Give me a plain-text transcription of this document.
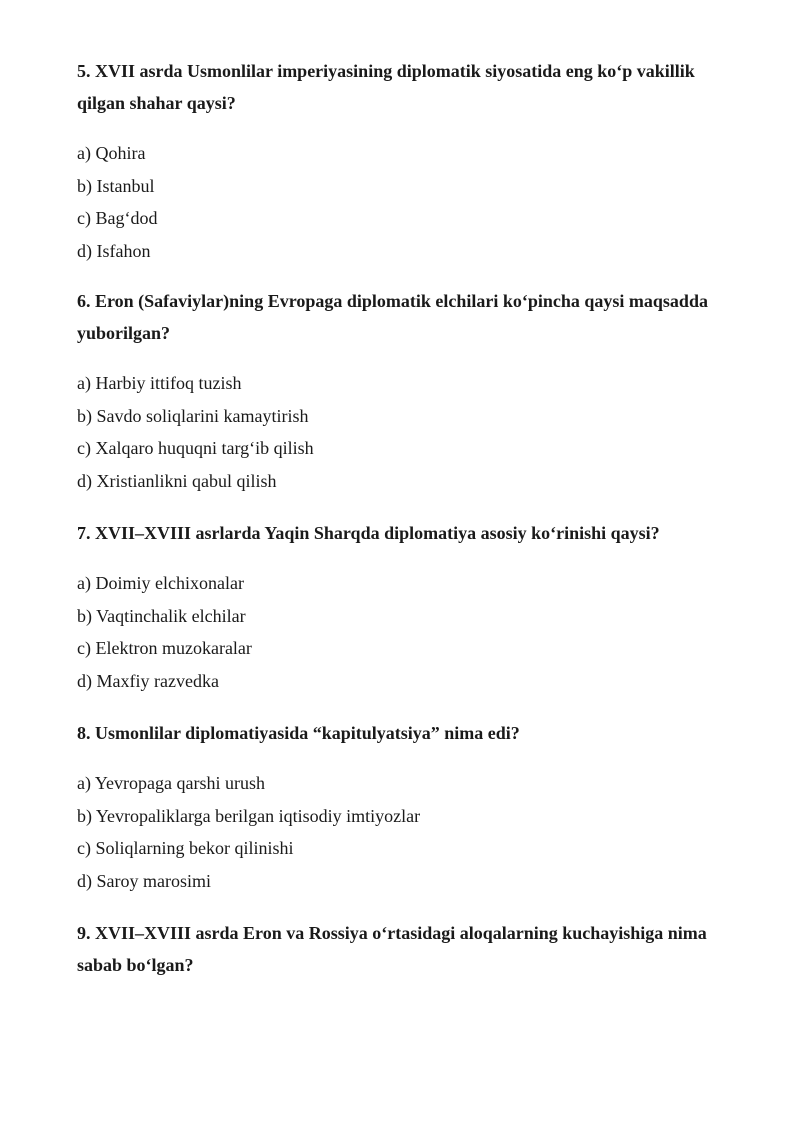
5. XVII asrda Usmonlilar imperiyasining diplomatik siyosatida eng ko‘p vakillik
qilgan shahar qaysi?

a) Qohira
b) Istanbul
c) Bag‘dod
d) Isfahon

6. Eron (Safaviylar)ning Evropaga diplomatik elchilari ko‘pincha qaysi maqsadda
yuborilgan?

a) Harbiy ittifoq tuzish
b) Savdo soliqlarini kamaytirish
c) Xalqaro huquqni targ‘ib qilish
d) Xristianlikni qabul qilish

7. XVII–XVIII asrlarda Yaqin Sharqda diplomatiya asosiy ko‘rinishi qaysi?

a) Doimiy elchixonalar
b) Vaqtinchalik elchilar
c) Elektron muzokaralar
d) Maxfiy razvedka

8. Usmonlilar diplomatiyasida “kapitulyatsiya” nima edi?

a) Yevropaga qarshi urush
b) Yevropaliklarga berilgan iqtisodiy imtiyozlar
c) Soliqlarning bekor qilinishi
d) Saroy marosimi

9. XVII–XVIII asrda Eron va Rossiya o‘rtasidagi aloqalarning kuchayishiga nima
sabab bo‘lgan?
